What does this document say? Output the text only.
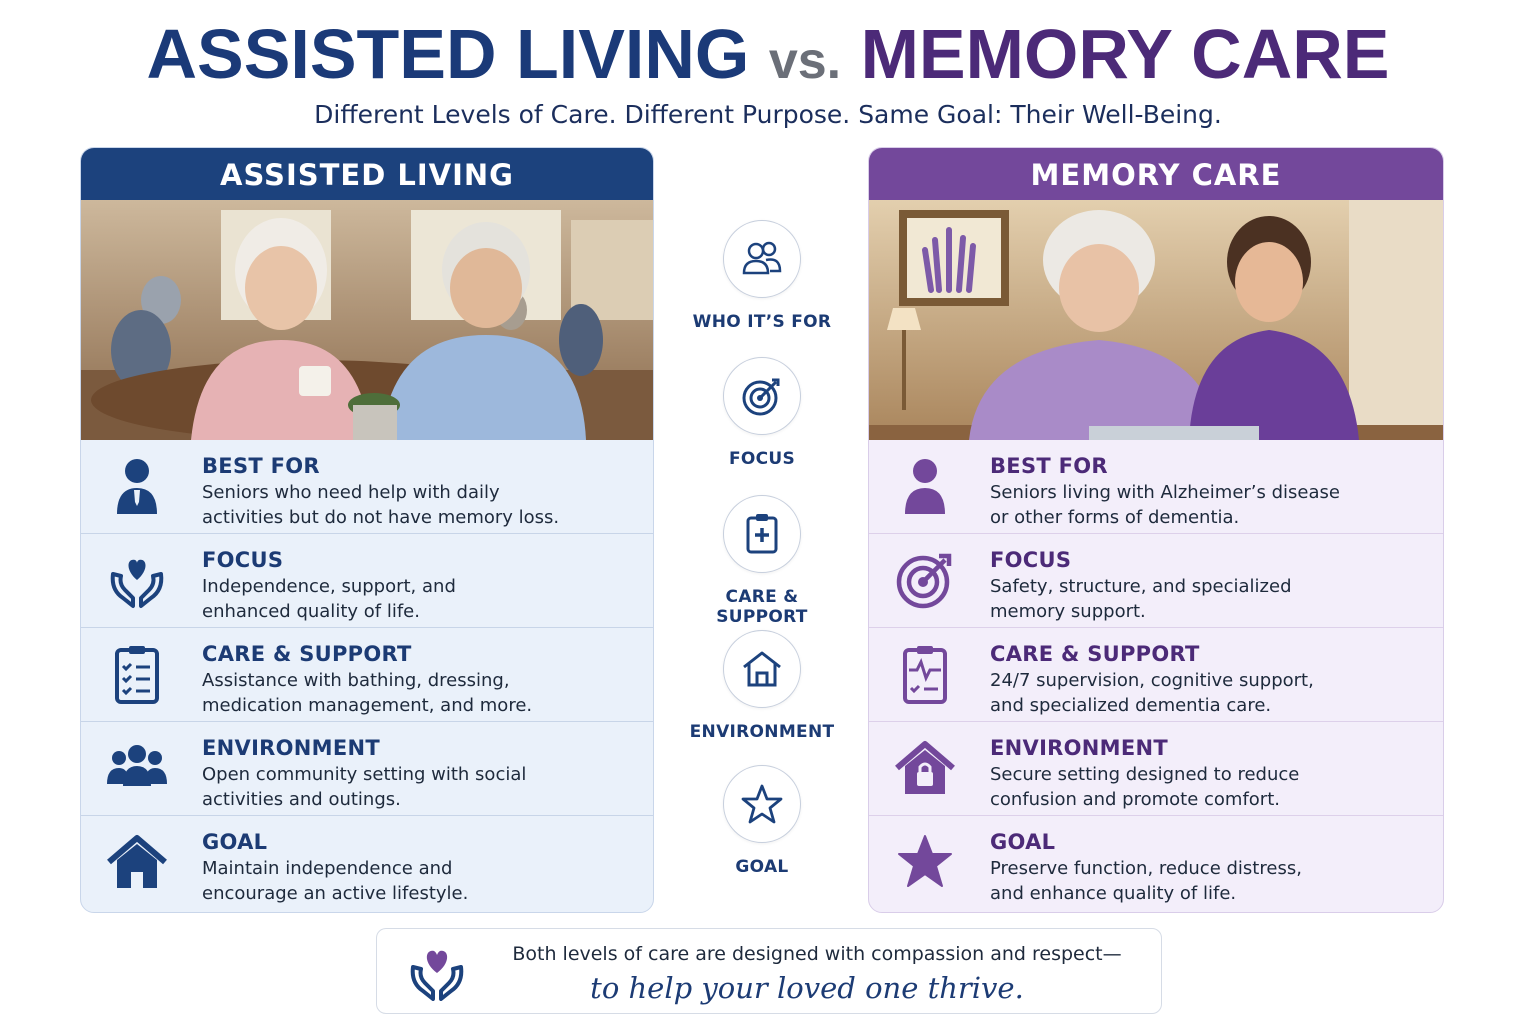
ASSISTED LIVING vs. MEMORY CARE
Different Levels of Care. Different Purpose. Same Goal: Their Well-Being.
ASSISTED LIVING
BEST FOR
Seniors who need help with daily
activities but do not have memory loss.
FOCUS
Independence, support, and
enhanced quality of life.
CARE & SUPPORT
Assistance with bathing, dressing,
medication management, and more.
ENVIRONMENT
Open community setting with social
activities and outings.
GOAL
Maintain independence and
encourage an active lifestyle.
WHO IT’S FOR
FOCUS
CARE & SUPPORT
ENVIRONMENT
GOAL
MEMORY CARE
BEST FOR
Seniors living with Alzheimer’s disease
or other forms of dementia.
FOCUS
Safety, structure, and specialized
memory support.
CARE & SUPPORT
24/7 supervision, cognitive support,
and specialized dementia care.
ENVIRONMENT
Secure setting designed to reduce
confusion and promote comfort.
GOAL
Preserve function, reduce distress,
and enhance quality of life.
Both levels of care are designed with compassion and respect—
to help your loved one thrive.
